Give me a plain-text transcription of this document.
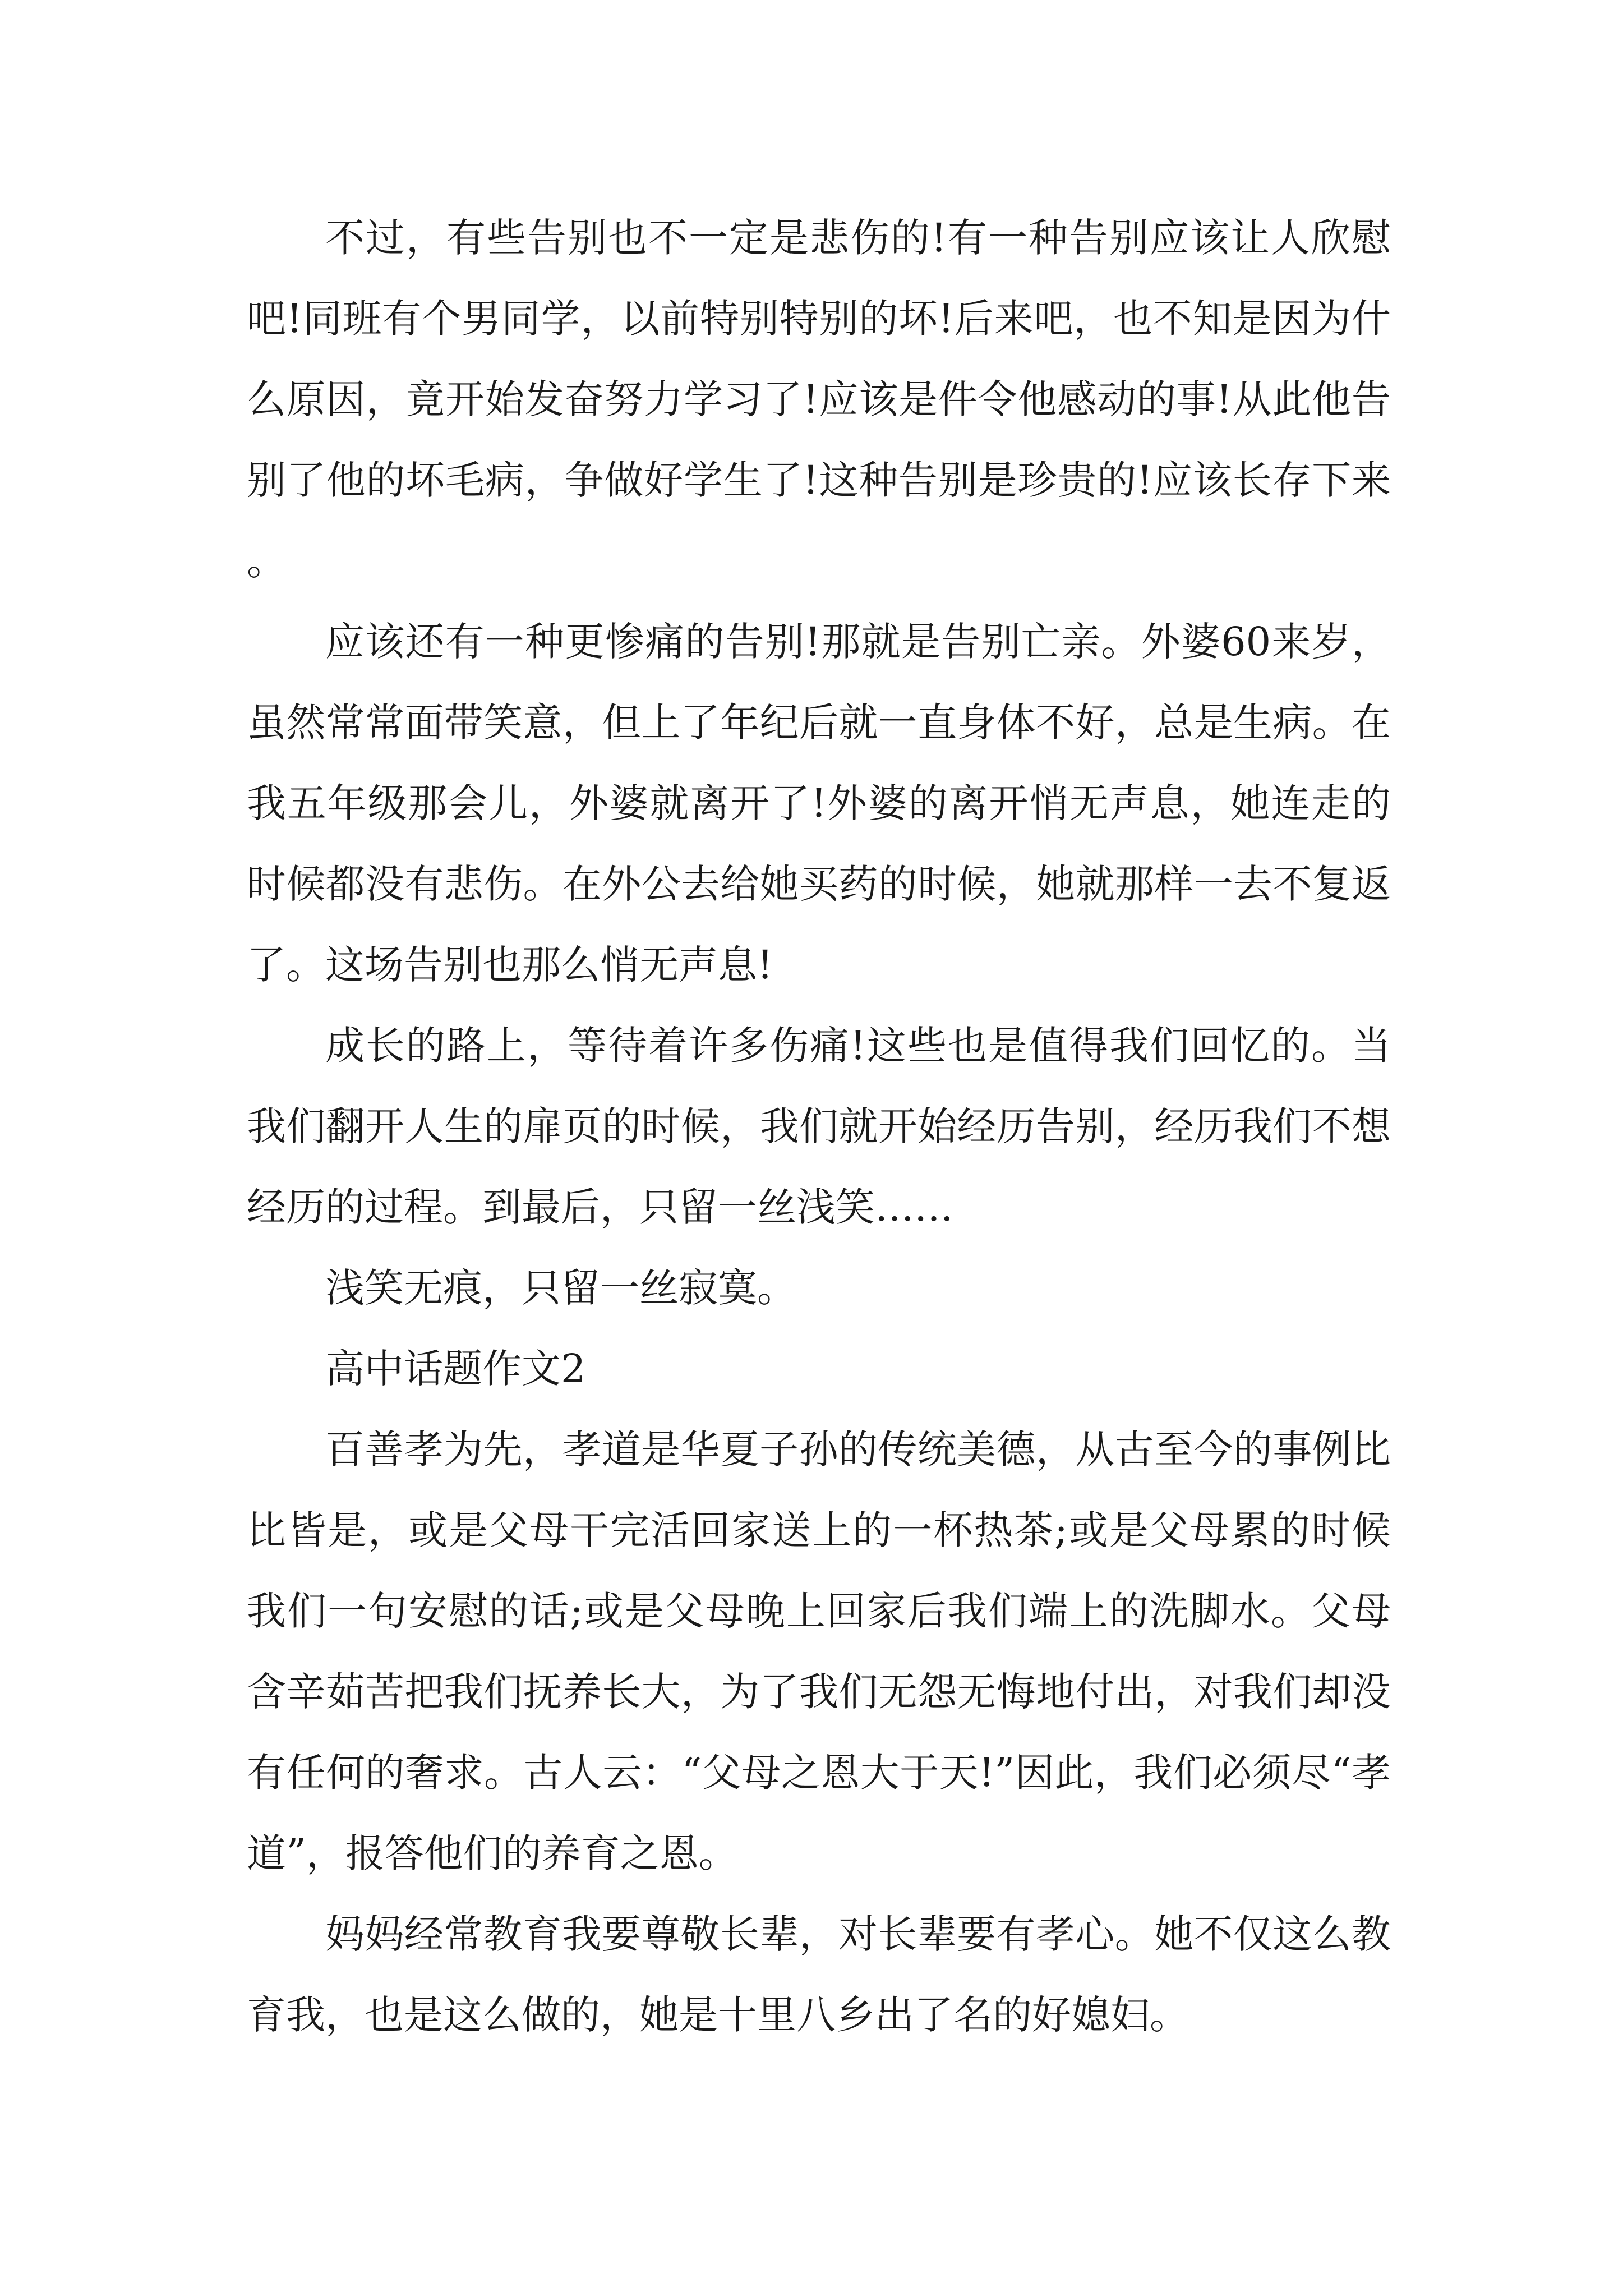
不过，有些告别也不一定是悲伤的!有一种告别应该让人欣慰吧!同班有个男同学，以前特别特别的坏!后来吧，也不知是因为什么原因，竟开始发奋努力学习了!应该是件令他感动的事!从此他告别了他的坏毛病，争做好学生了!这种告别是珍贵的!应该长存下来。

应该还有一种更惨痛的告别!那就是告别亡亲。外婆60来岁，虽然常常面带笑意，但上了年纪后就一直身体不好，总是生病。在我五年级那会儿，外婆就离开了!外婆的离开悄无声息，她连走的时候都没有悲伤。在外公去给她买药的时候，她就那样一去不复返了。这场告别也那么悄无声息!

成长的路上，等待着许多伤痛!这些也是值得我们回忆的。当我们翻开人生的扉页的时候，我们就开始经历告别，经历我们不想经历的过程。到最后，只留一丝浅笑……

浅笑无痕，只留一丝寂寞。

高中话题作文2

百善孝为先，孝道是华夏子孙的传统美德，从古至今的事例比比皆是，或是父母干完活回家送上的一杯热茶;或是父母累的时候我们一句安慰的话;或是父母晚上回家后我们端上的洗脚水。父母含辛茹苦把我们抚养长大，为了我们无怨无悔地付出，对我们却没有任何的奢求。古人云：“父母之恩大于天!”因此，我们必须尽“孝道”，报答他们的养育之恩。

妈妈经常教育我要尊敬长辈，对长辈要有孝心。她不仅这么教育我，也是这么做的，她是十里八乡出了名的好媳妇。
